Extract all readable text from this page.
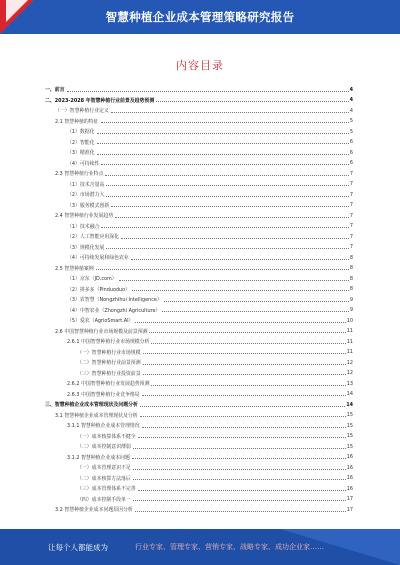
智慧种植企业成本管理策略研究报告
内容目录
一、前言	4
二、2023-2028 年智慧种植行业前景及趋势预测	4
（一）智慧种植行业定义	4
2.1 智慧种植的特征	5
（1）数据化	5
（2）智能化	6
（3）精准化	6
（4）可持续性	6
2.3 智慧种植行业特点	7
（1）技术含量高	7
（2）市场潜力大	7
（3）服务模式创新	7
2.4 智慧种植行业发展趋势	7
（1）技术融合	7
（2）人工智能应用深化	7
（3）规模化发展	7
（4）可持续发展和绿色农业	8
2.5 智慧种植案例	8
（1）京东（JD.com）	8
（2）拼多多（Pinduoduo）	8
（3）农智慧（Nongzhihui Intelligence）	9
（4）中智农业（Zhongzhi Agriculture）	9
（5）爱农（AgrioSmart.AI）	10
2.6 中国智慧种植行业市场规模及前景预测	11
2.6.1 中国智慧种植行业市场规模分析	11
（一）智慧种植行业市场规模	11
（二）智慧种植行业前景预测	12
（三）智慧种植行业投资前景	12
2.6.2 中国智慧种植行业发展趋势预测	13
2.6.3 中国智慧种植行业竞争格局	14
三、智慧种植企业成本管理现状及问题分析	14
3.1 智慧种植企业成本管理现状及分析	15
3.1.1 智慧种植企业成本管理情况	15
（一）成本核算体系不健全	15
（二）成本控制意识薄弱	15
3.1.2 智慧种植企业成本问题	16
（一）成本管理意识不足	16
（二）成本核算方法落后	16
（三）成本管理体系不完善	16
（四）成本控制手段单一	17
3.2 智慧种植企业成本问题原因分析	17
让每个人都能成为	行业专家、管理专家、营销专家、战略专家、成功企业家……
